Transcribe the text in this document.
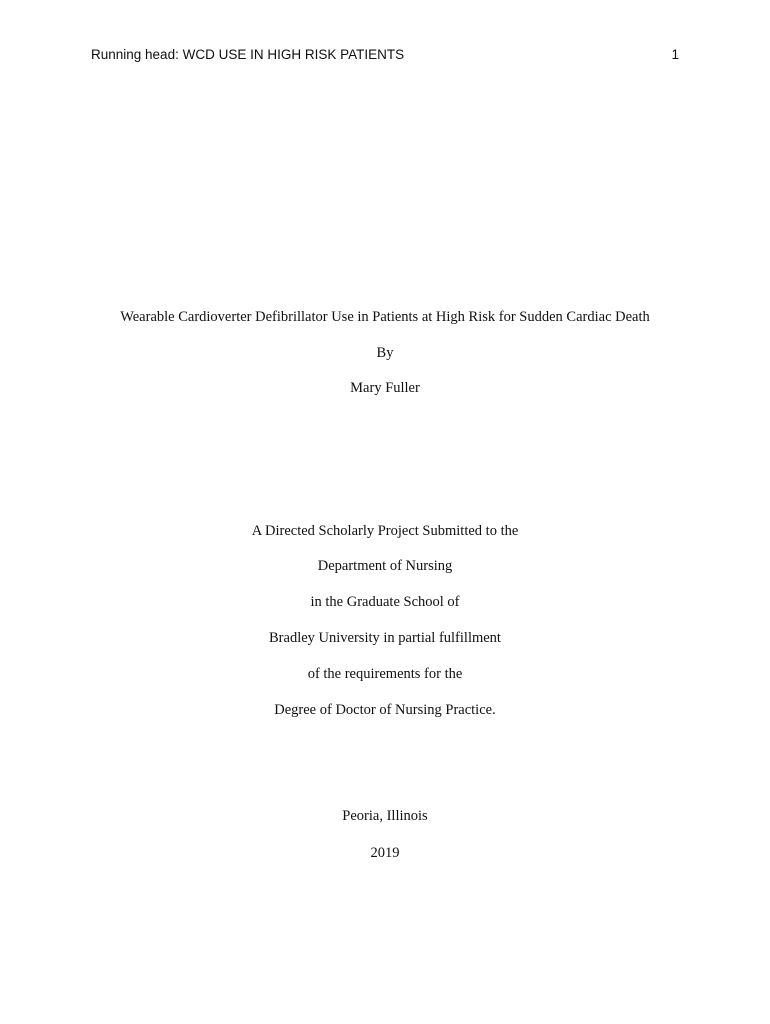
Running head: WCD USE IN HIGH RISK PATIENTS	1
Wearable Cardioverter Defibrillator Use in Patients at High Risk for Sudden Cardiac Death
By
Mary Fuller
A Directed Scholarly Project Submitted to the
Department of Nursing
in the Graduate School of
Bradley University in partial fulfillment
of the requirements for the
Degree of Doctor of Nursing Practice.
Peoria, Illinois
2019
